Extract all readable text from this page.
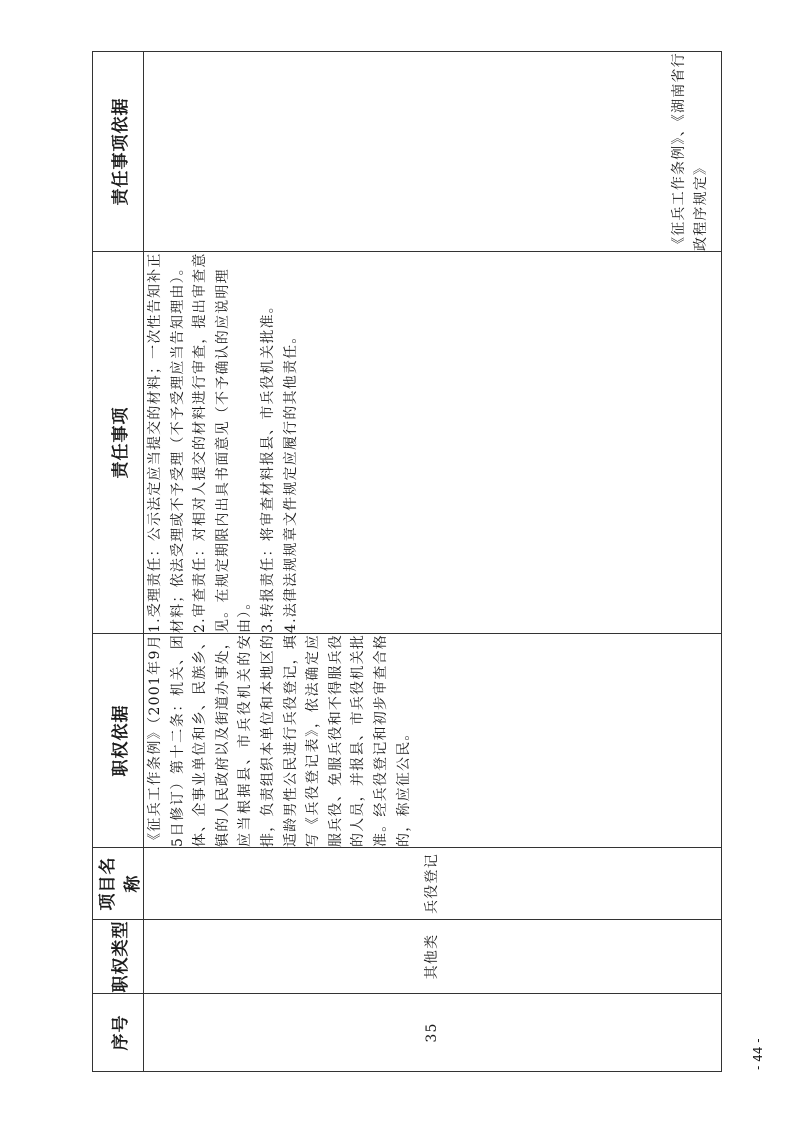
序号	职权类型	项目名称	职权依据	责任事项	责任事项依据
35	其他类	兵役登记	《征兵工作条例》（2001年9月5日修订）第十二条：机关、团体、企事业单位和乡、民族乡、镇的人民政府以及街道办事处，应当根据县、市兵役机关的安排，负责组织本单位和本地区的适龄男性公民进行兵役登记，填写《兵役登记表》，依法确定应服兵役、免服兵役和不得服兵役的人员，并报县、市兵役机关批准。经兵役登记和初步审查合格的，称应征公民。	1.受理责任：公示法定应当提交的材料；一次性告知补正材料；依法受理或不予受理（不予受理应当告知理由）。 2.审查责任：对相对人提交的材料进行审查，提出审查意见。在规定期限内出具书面意见（不予确认的应说明理由）。 3.转报责任：将审查材料报县、市兵役机关批准。 4.法律法规规章文件规定应履行的其他责任。	《征兵工作条例》、《湖南省行政程序规定》
- 44 -
